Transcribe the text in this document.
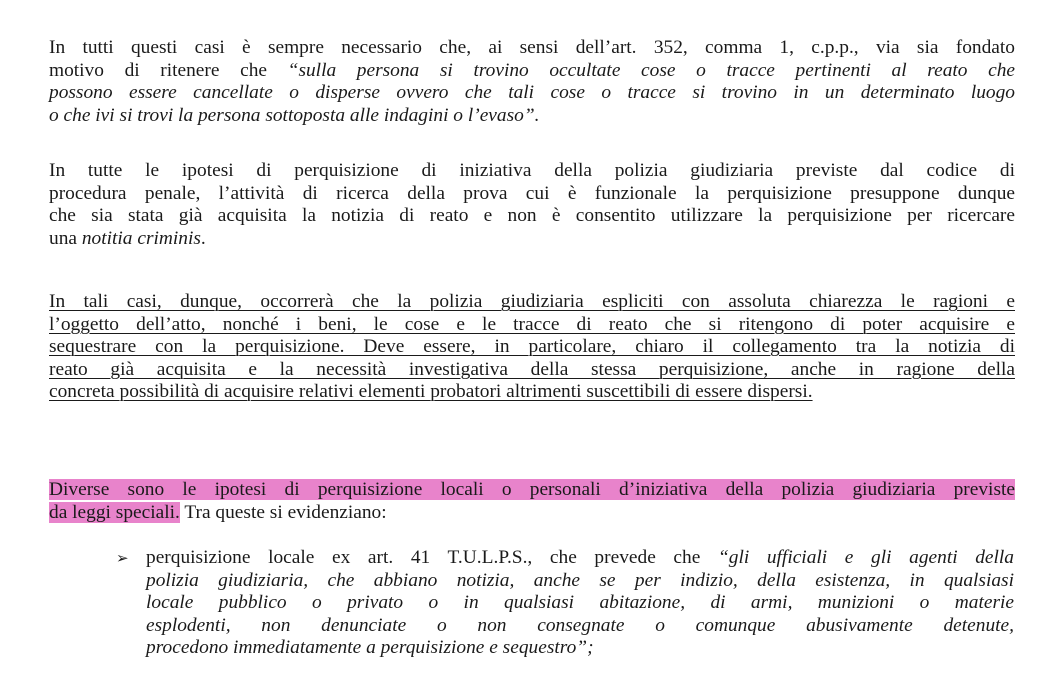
In tutti questi casi è sempre necessario che, ai sensi dell’art. 352, comma 1, c.p.p., via sia fondato
motivo di ritenere che “sulla persona si trovino occultate cose o tracce pertinenti al reato che
possono essere cancellate o disperse ovvero che tali cose o tracce si trovino in un determinato luogo
o che ivi si trovi la persona sottoposta alle indagini o l’evaso”.
In tutte le ipotesi di perquisizione di iniziativa della polizia giudiziaria previste dal codice di
procedura penale, l’attività di ricerca della prova cui è funzionale la perquisizione presuppone dunque
che sia stata già acquisita la notizia di reato e non è consentito utilizzare la perquisizione per ricercare
una notitia criminis.
In tali casi, dunque, occorrerà che la polizia giudiziaria espliciti con assoluta chiarezza le ragioni e
l’oggetto dell’atto, nonché i beni, le cose e le tracce di reato che si ritengono di poter acquisire e
sequestrare con la perquisizione. Deve essere, in particolare, chiaro il collegamento tra la notizia di
reato già acquisita e la necessità investigativa della stessa perquisizione, anche in ragione della
concreta possibilità di acquisire relativi elementi probatori altrimenti suscettibili di essere dispersi.
Diverse sono le ipotesi di perquisizione locali o personali d’iniziativa della polizia giudiziaria previste
da leggi speciali. Tra queste si evidenziano:
➢ perquisizione locale ex art. 41 T.U.L.P.S., che prevede che “gli ufficiali e gli agenti della
polizia giudiziaria, che abbiano notizia, anche se per indizio, della esistenza, in qualsiasi
locale pubblico o privato o in qualsiasi abitazione, di armi, munizioni o materie
esplodenti, non denunciate o non consegnate o comunque abusivamente detenute,
procedono immediatamente a perquisizione e sequestro”;
